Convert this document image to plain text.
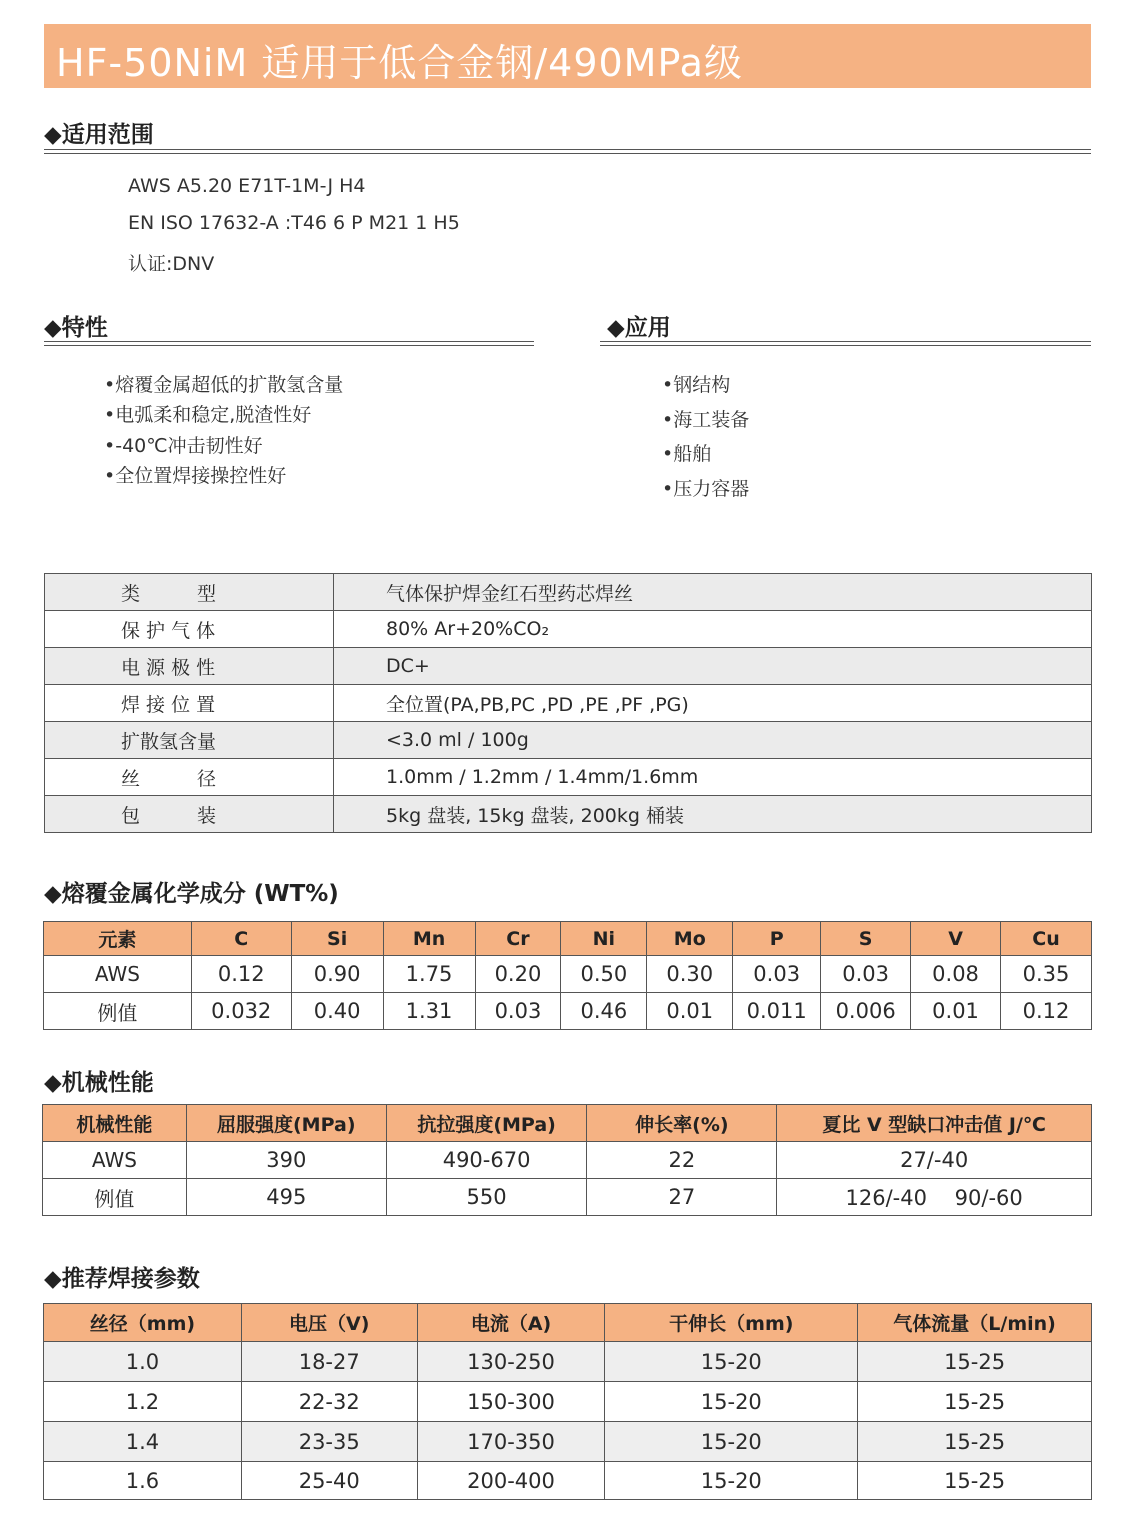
HF-50NiM 适用于低合金钢/490MPa级
◆适用范围
AWS A5.20 E71T-1M-J H4
EN ISO 17632-A :T46 6 P M21 1 H5
认证:DNV
◆特性
•熔覆金属超低的扩散氢含量
•电弧柔和稳定,脱渣性好
•-40℃冲击韧性好
•全位置焊接操控性好
◆应用
•钢结构
•海工装备
•船舶
•压力容器
类　　　型	气体保护焊金红石型药芯焊丝
保 护 气 体	80% Ar+20%CO₂
电 源 极 性	DC+
焊 接 位 置	全位置(PA,PB,PC ,PD ,PE ,PF ,PG)
扩散氢含量	<3.0 ml / 100g
丝　　　径	1.0mm / 1.2mm / 1.4mm/1.6mm
包　　　装	5kg 盘装, 15kg 盘装, 200kg 桶装
◆熔覆金属化学成分 (WT%)
元素	C	Si	Mn	Cr	Ni	Mo	P	S	V	Cu
AWS	0.12	0.90	1.75	0.20	0.50	0.30	0.03	0.03	0.08	0.35
例值	0.032	0.40	1.31	0.03	0.46	0.01	0.011	0.006	0.01	0.12
◆机械性能
机械性能	屈服强度(MPa)	抗拉强度(MPa)	伸长率(%)	夏比 V 型缺口冲击值 J/℃
AWS	390	490-670	22	27/-40
例值	495	550	27	126/-40　 90/-60
◆推荐焊接参数
丝径（mm)	电压（V)	电流（A)	干伸长（mm)	气体流量（L/min)
1.0	18-27	130-250	15-20	15-25
1.2	22-32	150-300	15-20	15-25
1.4	23-35	170-350	15-20	15-25
1.6	25-40	200-400	15-20	15-25
